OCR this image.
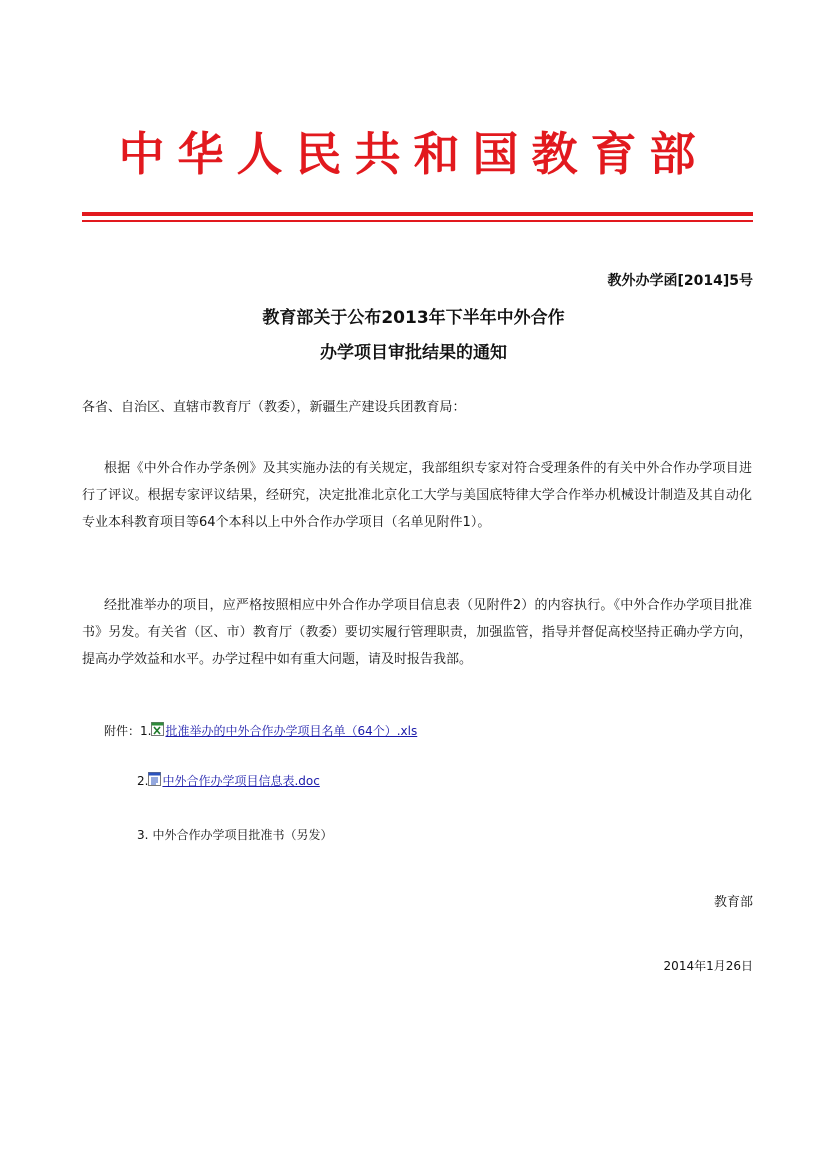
中华人民共和国教育部
教外办学函[2014]5号
教育部关于公布2013年下半年中外合作
办学项目审批结果的通知
各省、自治区、直辖市教育厅（教委），新疆生产建设兵团教育局：
根据《中外合作办学条例》及其实施办法的有关规定，我部组织专家对符合受理条件的有关中外合作办学项目进行了评议。根据专家评议结果，经研究，决定批准北京化工大学与美国底特律大学合作举办机械设计制造及其自动化专业本科教育项目等64个本科以上中外合作办学项目（名单见附件1）。
经批准举办的项目，应严格按照相应中外合作办学项目信息表（见附件2）的内容执行。《中外合作办学项目批准书》另发。有关省（区、市）教育厅（教委）要切实履行管理职责，加强监管，指导并督促高校坚持正确办学方向，提高办学效益和水平。办学过程中如有重大问题，请及时报告我部。
附件： 1. 批准举办的中外合作办学项目名单（64个）.xls
2. 中外合作办学项目信息表.doc
3. 中外合作办学项目批准书（另发）
教育部
2014年1月26日
